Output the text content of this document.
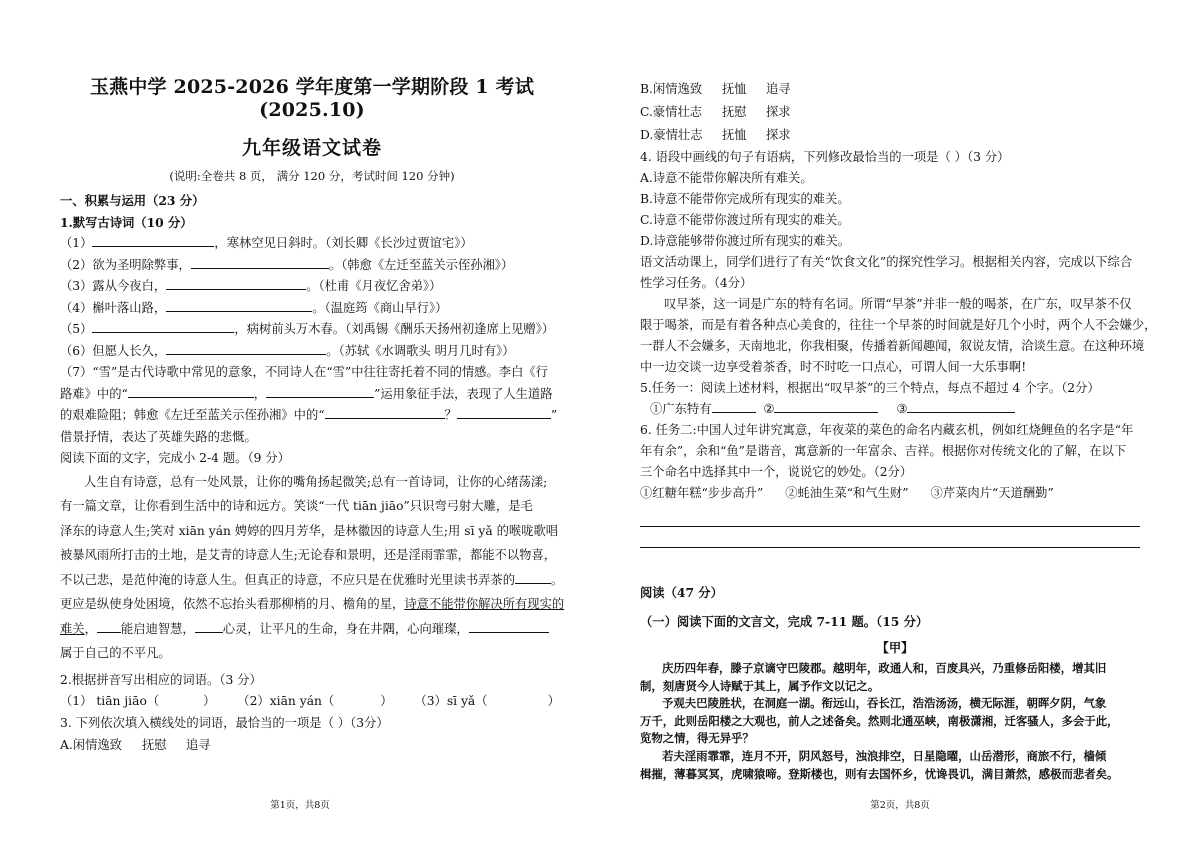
玉燕中学 2025-2026 学年度第一学期阶段 1 考试(2025.10)
九年级语文试卷
(说明:全卷共 8 页， 满分 120 分，考试时间 120 分钟)
一、积累与运用（23 分）
1.默写古诗词（10 分）
（1）	，寒林空见日斜时。（刘长卿《长沙过贾谊宅》）
（2）欲为圣明除弊事，	。（韩愈《左迁至蓝关示侄孙湘》）
（3）露从今夜白，	。（杜甫《月夜忆舍弟》）
（4）槲叶落山路，	。（温庭筠《商山早行》）
（5）	，病树前头万木春。（刘禹锡《酬乐天扬州初逢席上见赠》）
（6）但愿人长久，	。（苏轼《水调歌头 明月几时有》）
（7）“雪”是古代诗歌中常见的意象，不同诗人在“雪”中往往寄托着不同的情感。李白《行
路难》中的“	，	”运用象征手法，表现了人生道路
的艰难险阻；韩愈《左迁至蓝关示侄孙湘》中的“	？	”
借景抒情，表达了英雄失路的悲慨。
阅读下面的文字，完成小 2-4 题。（9 分）

人生自有诗意，总有一处风景，让你的嘴角扬起微笑;总有一首诗词，让你的心绪荡漾;

有一篇文章，让你看到生活中的诗和远方。笑谈“一代 tiān jiāo”只识弯弓射大雕，是毛

泽东的诗意人生;笑对 xiān yán 娉婷的四月芳华，是林徽因的诗意人生;用 sī yǎ 的喉咙歌唱

被暴风雨所打击的土地，是艾青的诗意人生;无论春和景明，还是淫雨霏霏，都能不以物喜，

不以己悲，是范仲淹的诗意人生。但真正的诗意，不应只是在优雅时光里读书弄茶的	。

更应是纵使身处困境，依然不忘抬头看那柳梢的月、檐角的星，诗意不能带你解决所有现实的

难关， 能启迪智慧， 心灵，让平凡的生命，身在井隅，心向璀璨，

属于自己的不平凡。

2.根据拼音写出相应的词语。（3 分）
（1） tiān jiāo（	） （2）xiān yán（	） （3）sī yǎ（	）
3. 下列依次填入横线处的词语，最恰当的一项是（ ）（3分）
A.闲情逸致 抚慰 追寻
第1页，共8页
B.闲情逸致 抚恤 追寻
C.豪情壮志 抚慰 探求
D.豪情壮志 抚恤 探求
4. 语段中画线的句子有语病，下列修改最恰当的一项是（ ）（3 分）
A.诗意不能带你解决所有难关。
B.诗意不能带你完成所有现实的难关。
C.诗意不能带你渡过所有现实的难关。
D.诗意能够带你渡过所有现实的难关。
语文活动课上，同学们进行了有关“饮食文化”的探究性学习。根据相关内容，完成以下综合
性学习任务。（4分）
叹早茶，这一词是广东的特有名词。所谓“早茶”并非一般的喝茶，在广东，叹早茶不仅
限于喝茶，而是有着各种点心美食的，往往一个早茶的时间就是好几个小时，两个人不会嫌少，
一群人不会嫌多，天南地北，你我相聚，传播着新闻趣闻，叙说友情，洽谈生意。在这种环境
中一边交谈一边享受着茶香，时不时吃一口点心，可谓人间一大乐事啊!
5.任务一：阅读上述材料，根据出“叹早茶”的三个特点，每点不超过 4 个字。（2分）
①广东特有	②	③
6. 任务二:中国人过年讲究寓意，年夜菜的菜色的命名内藏玄机，例如红烧鲤鱼的名字是“年
年有余”，余和“鱼”是谐音，寓意新的一年富余、吉祥。根据你对传统文化的了解，在以下
三个命名中选择其中一个，说说它的妙处。（2分）
①红糖年糕“步步高升” ②蚝油生菜“和气生财” ③芹菜肉片“天道酬勤”
阅读（47 分）
（一）阅读下面的文言文，完成 7-11 题。（15 分）
【甲】
庆历四年春，滕子京谪守巴陵郡。越明年，政通人和，百废具兴，乃重修岳阳楼，增其旧
制，刻唐贤今人诗赋于其上，属予作文以记之。
予观夫巴陵胜状，在洞庭一湖。衔远山，吞长江，浩浩汤汤，横无际涯，朝晖夕阴，气象
万千，此则岳阳楼之大观也，前人之述备矣。然则北通巫峡，南极潇湘，迁客骚人，多会于此，
览物之情，得无异乎？
若夫淫雨霏霏，连月不开，阴风怒号，浊浪排空，日星隐曜，山岳潜形，商旅不行，樯倾
楫摧，薄暮冥冥，虎啸猿啼。登斯楼也，则有去国怀乡，忧谗畏讥，满目萧然，感极而悲者矣。
第2页，共8页
